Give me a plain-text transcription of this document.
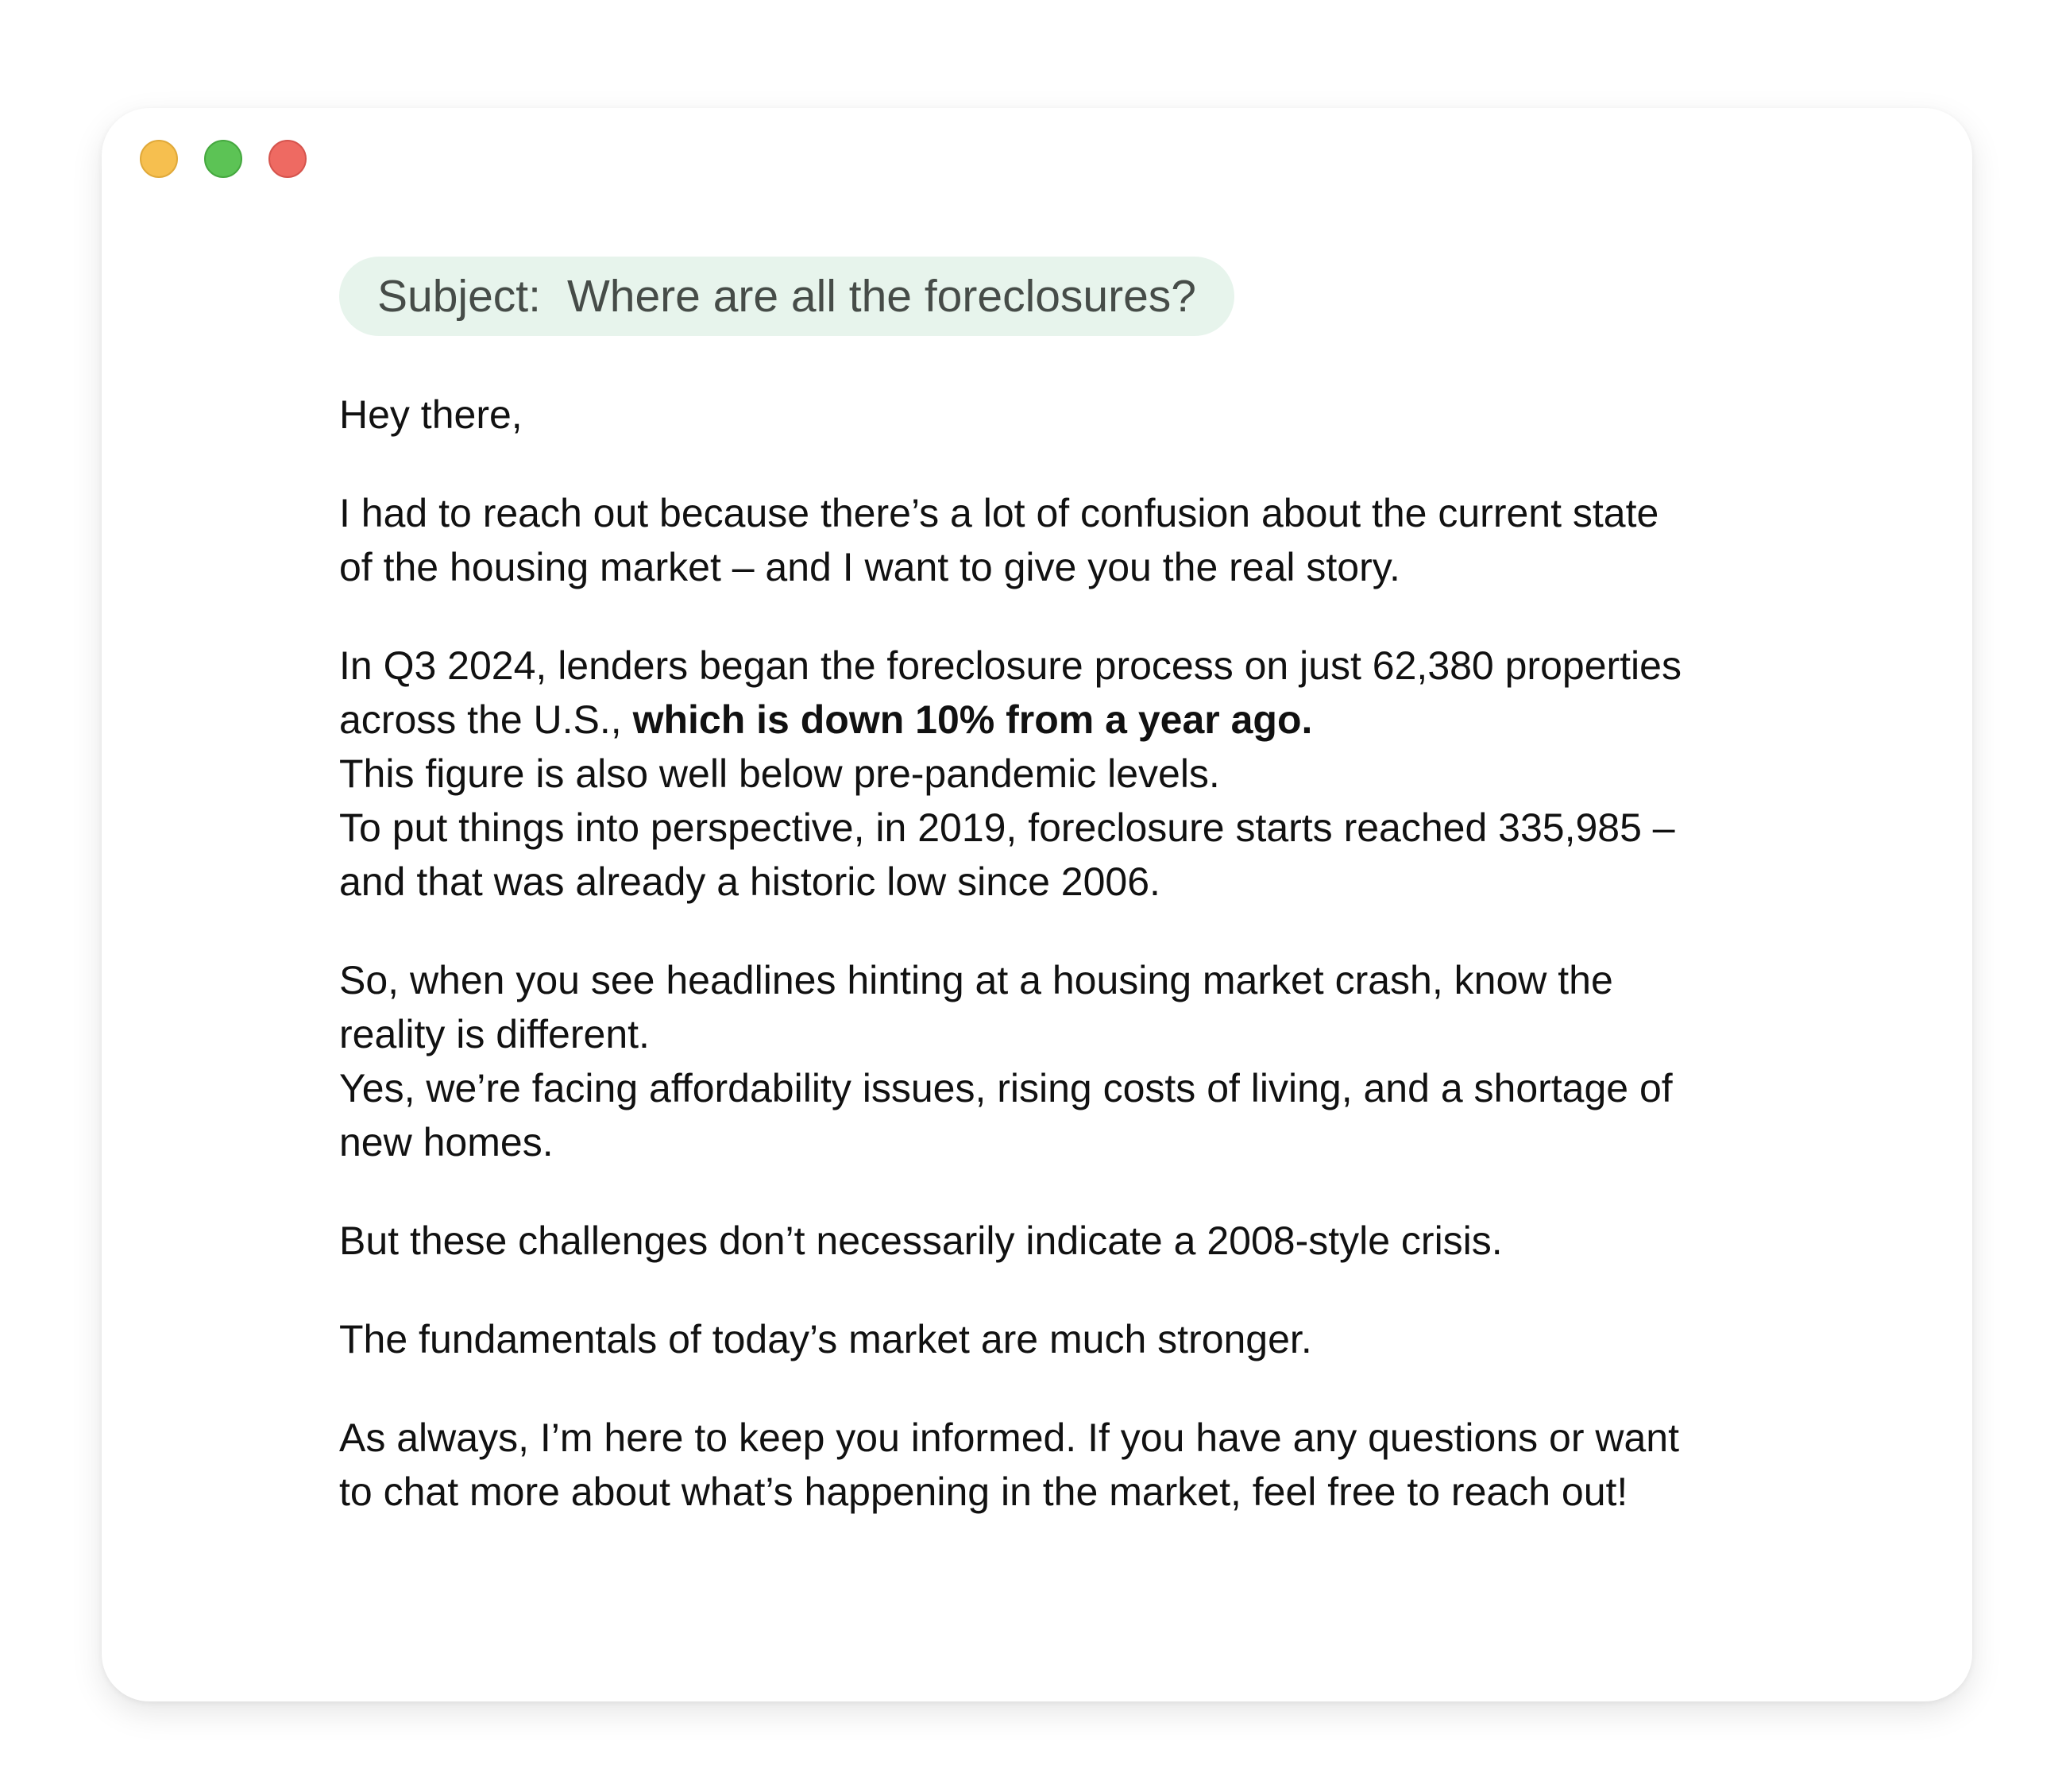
Subject: Where are all the foreclosures?

Hey there,

I had to reach out because there’s a lot of confusion about the current state
of the housing market – and I want to give you the real story.

In Q3 2024, lenders began the foreclosure process on just 62,380 properties
across the U.S., which is down 10% from a year ago.
This figure is also well below pre-pandemic levels.
To put things into perspective, in 2019, foreclosure starts reached 335,985 –
and that was already a historic low since 2006.

So, when you see headlines hinting at a housing market crash, know the
reality is different.
Yes, we’re facing affordability issues, rising costs of living, and a shortage of
new homes.

But these challenges don’t necessarily indicate a 2008-style crisis.

The fundamentals of today’s market are much stronger.

As always, I’m here to keep you informed. If you have any questions or want
to chat more about what’s happening in the market, feel free to reach out!
